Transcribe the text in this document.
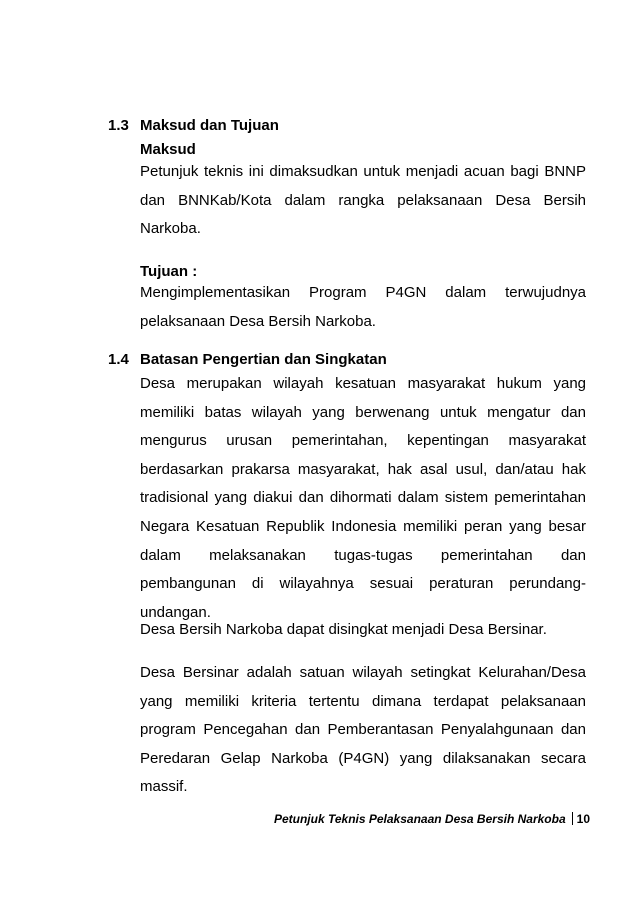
1.3 Maksud dan Tujuan
Maksud
Petunjuk teknis ini dimaksudkan untuk menjadi acuan bagi BNNP dan BNNKab/Kota dalam rangka pelaksanaan Desa Bersih Narkoba.
Tujuan :
Mengimplementasikan Program P4GN dalam terwujudnya pelaksanaan Desa Bersih Narkoba.
1.4 Batasan Pengertian dan Singkatan
Desa merupakan wilayah kesatuan masyarakat hukum yang memiliki batas wilayah yang berwenang untuk mengatur dan mengurus urusan pemerintahan, kepentingan masyarakat berdasarkan prakarsa masyarakat, hak asal usul, dan/atau hak tradisional yang diakui dan dihormati dalam sistem pemerintahan Negara Kesatuan Republik Indonesia memiliki peran yang besar dalam melaksanakan tugas-tugas pemerintahan dan pembangunan di wilayahnya sesuai peraturan perundang-undangan.
Desa Bersih Narkoba dapat disingkat menjadi Desa Bersinar.
Desa Bersinar adalah satuan wilayah setingkat Kelurahan/Desa yang memiliki kriteria tertentu dimana terdapat pelaksanaan program Pencegahan dan Pemberantasan Penyalahgunaan dan Peredaran Gelap Narkoba (P4GN) yang dilaksanakan secara massif.
Petunjuk Teknis Pelaksanaan Desa Bersih Narkoba 10
